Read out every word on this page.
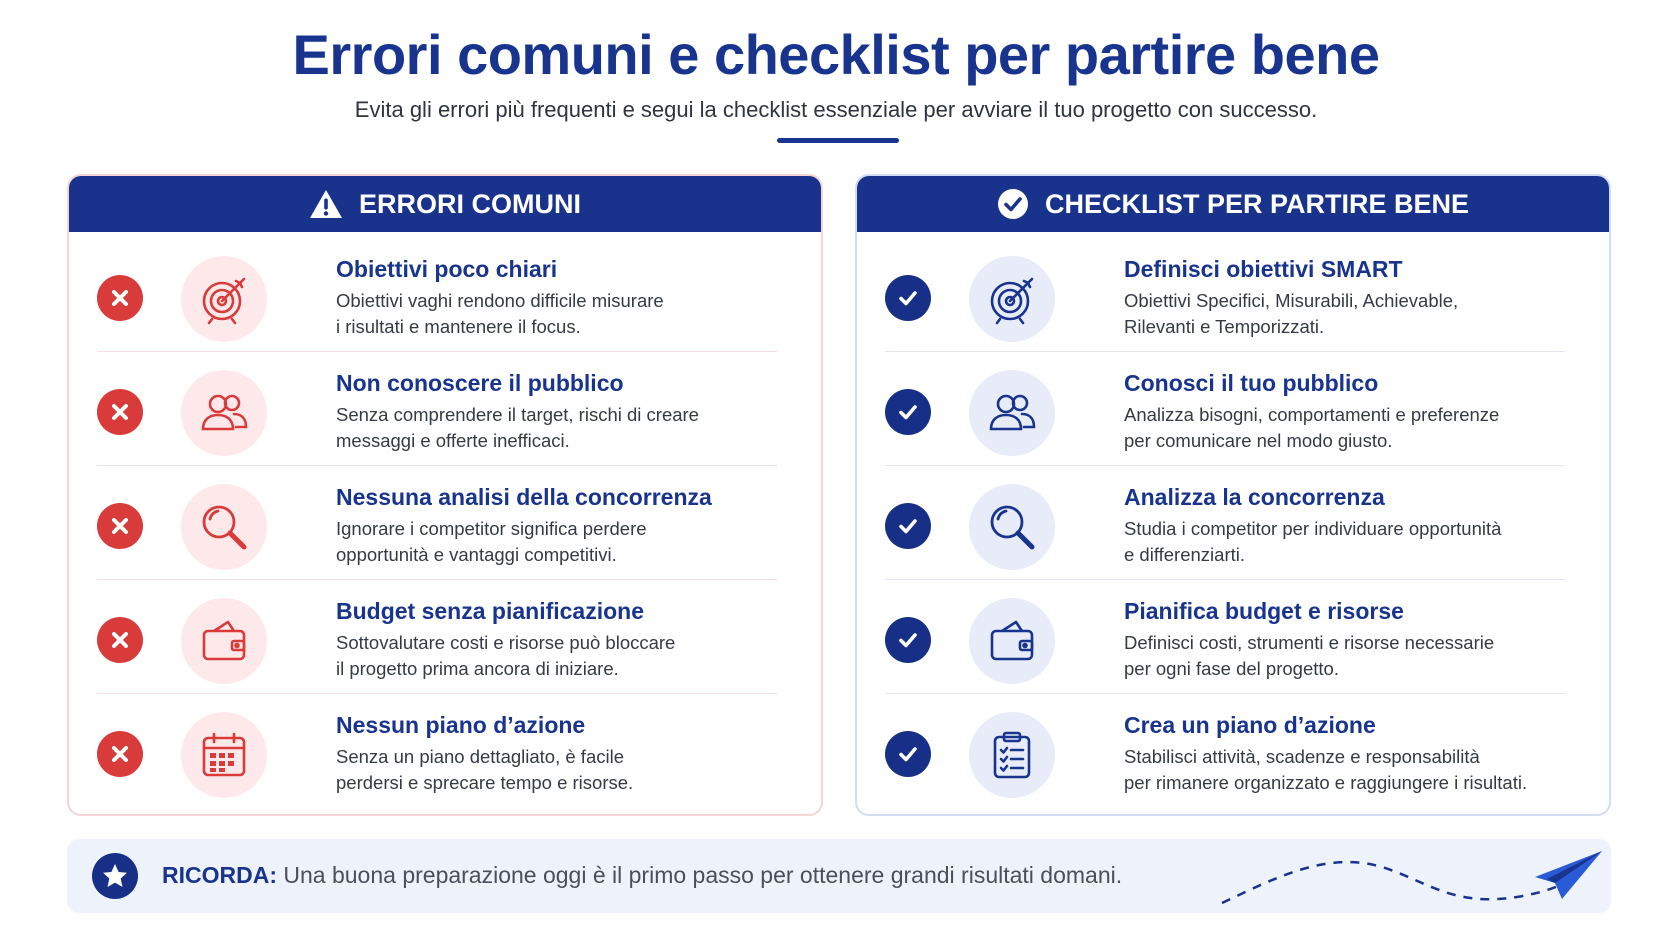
Errori comuni e checklist per partire bene

Evita gli errori più frequenti e segui la checklist essenziale per avviare il tuo progetto con successo.

ERRORI COMUNI
Obiettivi poco chiari
Obiettivi vaghi rendono difficile misurare
i risultati e mantenere il focus.
Non conoscere il pubblico
Senza comprendere il target, rischi di creare
messaggi e offerte inefficaci.
Nessuna analisi della concorrenza
Ignorare i competitor significa perdere
opportunità e vantaggi competitivi.
Budget senza pianificazione
Sottovalutare costi e risorse può bloccare
il progetto prima ancora di iniziare.
Nessun piano d’azione
Senza un piano dettagliato, è facile
perdersi e sprecare tempo e risorse.
CHECKLIST PER PARTIRE BENE
Definisci obiettivi SMART
Obiettivi Specifici, Misurabili, Achievable,
Rilevanti e Temporizzati.
Conosci il tuo pubblico
Analizza bisogni, comportamenti e preferenze
per comunicare nel modo giusto.
Analizza la concorrenza
Studia i competitor per individuare opportunità
e differenziarti.
Pianifica budget e risorse
Definisci costi, strumenti e risorse necessarie
per ogni fase del progetto.
Crea un piano d’azione
Stabilisci attività, scadenze e responsabilità
per rimanere organizzato e raggiungere i risultati.
RICORDA: Una buona preparazione oggi è il primo passo per ottenere grandi risultati domani.
